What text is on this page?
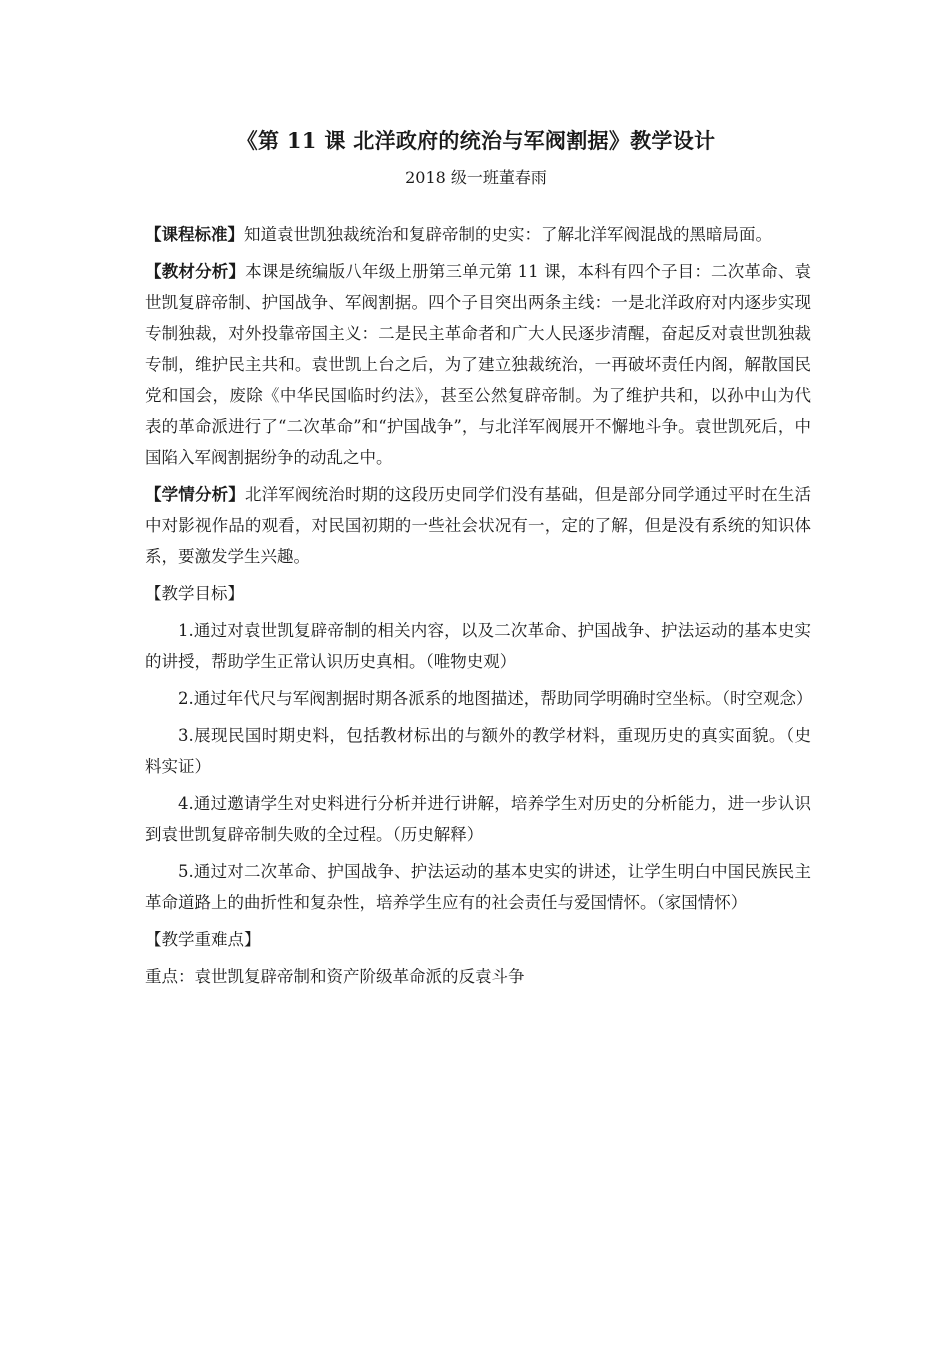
《第 11 课 北洋政府的统治与军阀割据》教学设计
2018 级一班董春雨

【课程标准】知道袁世凯独裁统治和复辟帝制的史实：了解北洋军阀混战的黑暗局面。

【教材分析】本课是统编版八年级上册第三单元第 11 课，本科有四个子目：二次革命、袁世凯复辟帝制、护国战争、军阀割据。四个子目突出两条主线：一是北洋政府对内逐步实现专制独裁，对外投靠帝国主义：二是民主革命者和广大人民逐步清醒，奋起反对袁世凯独裁专制，维护民主共和。袁世凯上台之后，为了建立独裁统治，一再破坏责任内阁，解散国民党和国会，废除《中华民国临时约法》，甚至公然复辟帝制。为了维护共和，以孙中山为代表的革命派进行了“二次革命”和“护国战争”，与北洋军阀展开不懈地斗争。袁世凯死后，中国陷入军阀割据纷争的动乱之中。

【学情分析】北洋军阀统治时期的这段历史同学们没有基础，但是部分同学通过平时在生活中对影视作品的观看，对民国初期的一些社会状况有一，定的了解，但是没有系统的知识体系，要激发学生兴趣。

【教学目标】

1.通过对袁世凯复辟帝制的相关内容，以及二次革命、护国战争、护法运动的基本史实的讲授，帮助学生正常认识历史真相。（唯物史观）

2.通过年代尺与军阀割据时期各派系的地图描述，帮助同学明确时空坐标。（时空观念）

3.展现民国时期史料，包括教材标出的与额外的教学材料，重现历史的真实面貌。（史料实证）

4.通过邀请学生对史料进行分析并进行讲解，培养学生对历史的分析能力，进一步认识到袁世凯复辟帝制失败的全过程。（历史解释）

5.通过对二次革命、护国战争、护法运动的基本史实的讲述，让学生明白中国民族民主革命道路上的曲折性和复杂性，培养学生应有的社会责任与爱国情怀。（家国情怀）

【教学重难点】

重点：袁世凯复辟帝制和资产阶级革命派的反袁斗争
